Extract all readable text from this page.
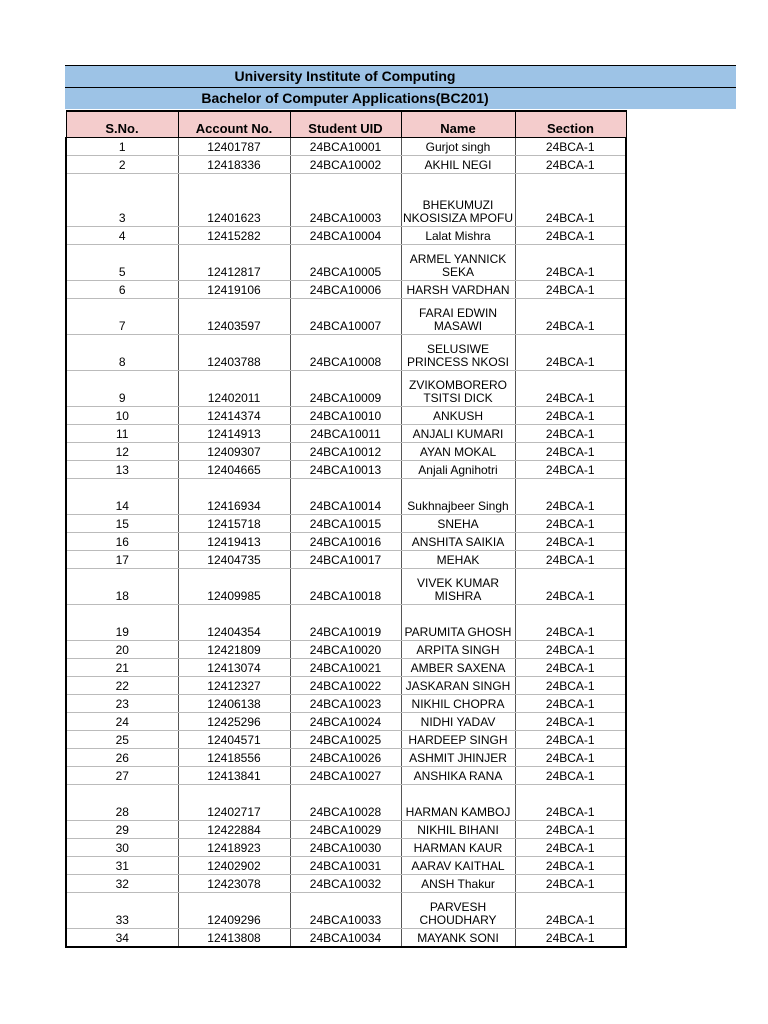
University Institute of Computing
Bachelor of Computer Applications(BC201)
S.No.	Account No.	Student UID	Name	Section
1	12401787	24BCA10001	Gurjot singh	24BCA-1
2	12418336	24BCA10002	AKHIL NEGI	24BCA-1
3	12401623	24BCA10003	BHEKUMUZI NKOSISIZA MPOFU	24BCA-1
4	12415282	24BCA10004	Lalat Mishra	24BCA-1
5	12412817	24BCA10005	ARMEL YANNICK SEKA	24BCA-1
6	12419106	24BCA10006	HARSH VARDHAN	24BCA-1
7	12403597	24BCA10007	FARAI EDWIN MASAWI	24BCA-1
8	12403788	24BCA10008	SELUSIWE PRINCESS NKOSI	24BCA-1
9	12402011	24BCA10009	ZVIKOMBORERO TSITSI DICK	24BCA-1
10	12414374	24BCA10010	ANKUSH	24BCA-1
11	12414913	24BCA10011	ANJALI KUMARI	24BCA-1
12	12409307	24BCA10012	AYAN MOKAL	24BCA-1
13	12404665	24BCA10013	Anjali Agnihotri	24BCA-1
14	12416934	24BCA10014	Sukhnajbeer Singh	24BCA-1
15	12415718	24BCA10015	SNEHA	24BCA-1
16	12419413	24BCA10016	ANSHITA SAIKIA	24BCA-1
17	12404735	24BCA10017	MEHAK	24BCA-1
18	12409985	24BCA10018	VIVEK KUMAR MISHRA	24BCA-1
19	12404354	24BCA10019	PARUMITA GHOSH	24BCA-1
20	12421809	24BCA10020	ARPITA SINGH	24BCA-1
21	12413074	24BCA10021	AMBER SAXENA	24BCA-1
22	12412327	24BCA10022	JASKARAN SINGH	24BCA-1
23	12406138	24BCA10023	NIKHIL CHOPRA	24BCA-1
24	12425296	24BCA10024	NIDHI YADAV	24BCA-1
25	12404571	24BCA10025	HARDEEP SINGH	24BCA-1
26	12418556	24BCA10026	ASHMIT JHINJER	24BCA-1
27	12413841	24BCA10027	ANSHIKA RANA	24BCA-1
28	12402717	24BCA10028	HARMAN KAMBOJ	24BCA-1
29	12422884	24BCA10029	NIKHIL BIHANI	24BCA-1
30	12418923	24BCA10030	HARMAN KAUR	24BCA-1
31	12402902	24BCA10031	AARAV KAITHAL	24BCA-1
32	12423078	24BCA10032	ANSH Thakur	24BCA-1
33	12409296	24BCA10033	PARVESH CHOUDHARY	24BCA-1
34	12413808	24BCA10034	MAYANK SONI	24BCA-1
